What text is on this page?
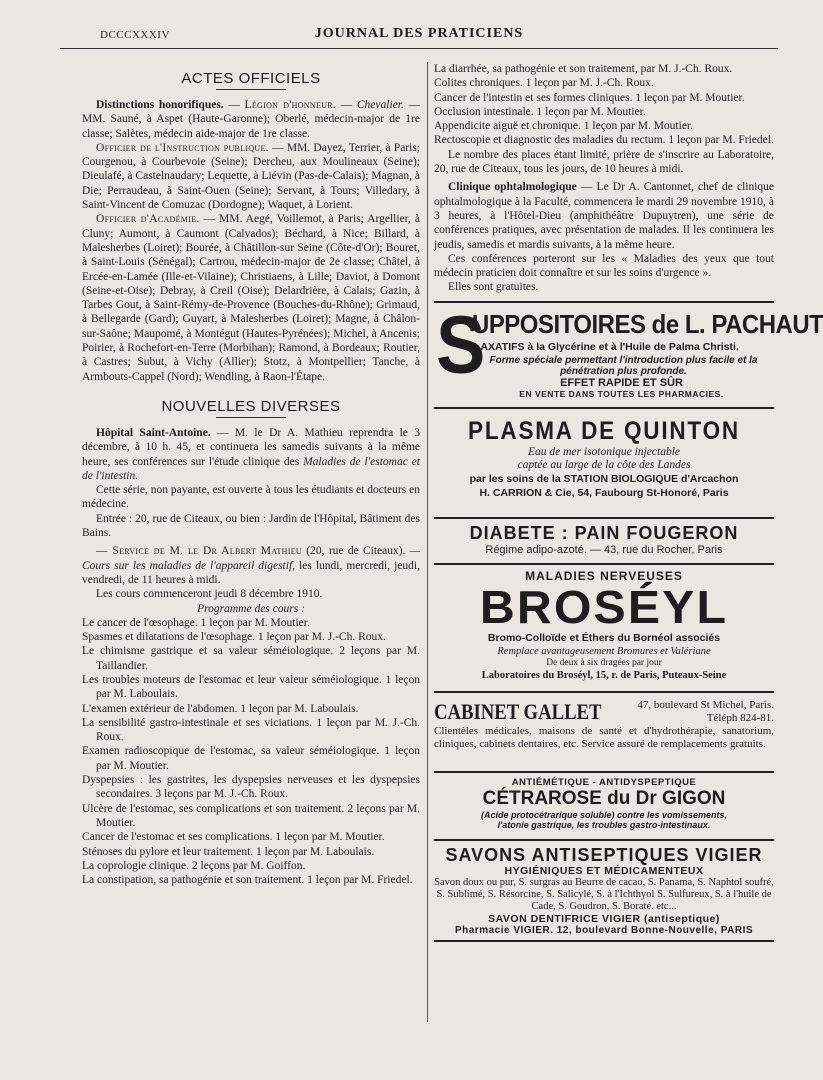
DCCCXXXIV	JOURNAL DES PRATICIENS
ACTES OFFICIELS

Distinctions honorifiques. — Légion d'honneur. — Chevalier. — MM. Sauné, à Aspet (Haute-Garonne); Oberlé, médecin-major de 1re classe; Salètes, médecin aide-major de 1re classe.

Officier de l'Instruction publique. — MM. Dayez, Terrier, à Paris; Courgenou, à Courbevoie (Seine); Dercheu, aux Moulineaux (Seine); Dieulafé, à Castelnaudary; Lequette, à Liévin (Pas-de-Calais); Magnan, à Die; Perraudeau, à Saint-Ouen (Seine); Servant, à Tours; Villedary, à Saint-Vincent de Comuzac (Dordogne); Waquet, à Lorient.

Officier d'Académie. — MM. Aegé, Voillemot, à Paris; Argellier, à Cluny; Aumont, à Caumont (Calvados); Béchard, à Nice; Billard, à Malesherbes (Loiret); Bourée, à Châtillon-sur Seine (Côte-d'Or); Bouret, à Saint-Louis (Sénégal); Cartrou, médecin-major de 2e classe; Châtel, à Ercée-en-Lamée (Ille-et-Vilaine); Christiaens, à Lille; Daviot, à Domont (Seine-et-Oise); Debray, à Creil (Oise); Delardrière, à Calais; Gazin, à Tarbes Gout, à Saint-Rémy-de-Provence (Bouches-du-Rhône); Grimaud, à Bellegarde (Gard); Guyart, à Malesherbes (Loiret); Magne, à Châlon-sur-Saône; Maupomé, à Montégut (Hautes-Pyrénées); Michel, à Ancenis; Poirier, à Rochefort-en-Terre (Morbihan); Ramond, à Bordeaux; Routier, à Castres; Subut, à Vichy (Allier); Stotz, à Montpellier; Tanche, à Armbouts-Cappel (Nord); Wendling, à Raon-l'Étape.

NOUVELLES DIVERSES

Hôpital Saint-Antoine. — M. le Dr A. Mathieu reprendra le 3 décembre, à 10 h. 45, et continuera les samedis suivants à la même heure, ses conférences sur l'étude clinique des Maladies de l'estomac et de l'intestin.

Cette série, non payante, est ouverte à tous les étudiants et docteurs en médecine.

Entrée : 20, rue de Citeaux, ou bien : Jardin de l'Hôpital, Bâtiment des Bains.

— Service de M. le Dr Albert Mathieu (20, rue de Citeaux). — Cours sur les maladies de l'appareil digestif, les lundi, mercredi, jeudi, vendredi, de 11 heures à midi.

Les cours commenceront jeudi 8 décembre 1910.

Programme des cours :

Le cancer de l'œsophage. 1 leçon par M. Moutier.

Spasmes et dilatations de l'œsophage. 1 leçon par M. J.-Ch. Roux.

Le chimisme gastrique et sa valeur séméiologique. 2 leçons par M. Taillandier.

Les troubles moteurs de l'estomac et leur valeur séméiologique. 1 leçon par M. Laboulais.

L'examen extérieur de l'abdomen. 1 leçon par M. Laboulais.

La sensibilité gastro-intestinale et ses viciations. 1 leçon par M. J.-Ch. Roux.

Examen radioscopique de l'estomac, sa valeur séméiologique. 1 leçon par M. Moutier.

Dyspepsies : les gastrites, les dyspepsies nerveuses et les dyspepsies secondaires. 3 leçons par M. J.-Ch. Roux.

Ulcère de l'estomac, ses complications et son traitement. 2 leçons par M. Moutier.

Cancer de l'estomac et ses complications. 1 leçon par M. Moutier.

Sténoses du pylore et leur traitement. 1 leçon par M. Laboulais.

La coprologie clinique. 2 leçons par M. Goiffon.

La constipation, sa pathogénie et son traitement. 1 leçon par M. Friedel.

La diarrhée, sa pathogénie et son traitement, par M. J.-Ch. Roux.

Colites chroniques. 1 leçon par M. J.-Ch. Roux.

Cancer de l'intestin et ses formes cliniques. 1 leçon par M. Moutier.

Occlusion intestinale. 1 leçon par M. Moutier.

Appendicite aiguë et chronique. 1 leçon par M. Moutier.

Rectoscopie et diagnostic des maladies du rectum. 1 leçon par M. Friedel.

Le nombre des places étant limité, prière de s'inscrire au Laboratoire, 20, rue de Citeaux, tous les jours, de 10 heures à midi.

Clinique ophtalmologique — Le Dr A. Cantonnet, chef de clinique ophtalmologique à la Faculté, commencera le mardi 29 novembre 1910, à 3 heures, à l'Hôtel-Dieu (amphithéâtre Dupuytren), une série de conférences pratiques, avec présentation de malades. Il les continuera les jeudis, samedis et mardis suivants, à la même heure.

Ces conférences porteront sur les « Maladies des yeux que tout médecin praticien doit connaître et sur les soins d'urgence ».

Elles sont gratuites.

S
UPPOSITOIRES de L. PACHAUT
LAXATIFS à la Glycérine et à l'Huile de Palma Christi.
Forme spéciale permettant l'introduction plus facile et la pénétration plus profonde.
EFFET RAPIDE ET SÛR
EN VENTE DANS TOUTES LES PHARMACIES.
PLASMA DE QUINTON
Eau de mer isotonique injectable
captée au large de la côte des Landes
par les soins de la STATION BIOLOGIQUE d'Arcachon
H. CARRION & Cie, 54, Faubourg St-Honoré, Paris
DIABETE : PAIN FOUGERON
Régime adipo-azoté. — 43, rue du Rocher, Paris
MALADIES NERVEUSES
BROSÉYL
Bromo-Colloïde et Éthers du Bornéol associés
Remplace avantageusement Bromures et Valériane
De deux à six dragées par jour
Laboratoires du Broséyl, 15, r. de Paris, Puteaux-Seine
CABINET GALLET	47, boulevard St Michel, Paris.
Téléph 824-81.
Clientèles médicales, maisons de santé et d'hydrothérapie, sanatorium, cliniques, cabinets dentaires, etc. Service assuré de remplacements gratuits.
ANTIÉMÉTIQUE - ANTIDYSPEPTIQUE
CÉTRAROSE du Dr GIGON
(Acide protocétrarique soluble) contre les vomissements,
l'atonie gastrique, les troubles gastro-intestinaux.
SAVONS ANTISEPTIQUES VIGIER
HYGIÉNIQUES ET MÉDICAMENTEUX
Savon doux ou pur, S. surgras au Beurre de cacao, S. Panama, S. Naphtol soufré, S. Sublimé, S. Résorcine, S. Salicylé, S. à l'Ichthyol S. Sulfureux, S. à l'huile de Cade, S. Goudron, S. Boraté. etc...
SAVON DENTIFRICE VIGIER (antiseptique)
Pharmacie VIGIER. 12, boulevard Bonne-Nouvelle, PARIS
